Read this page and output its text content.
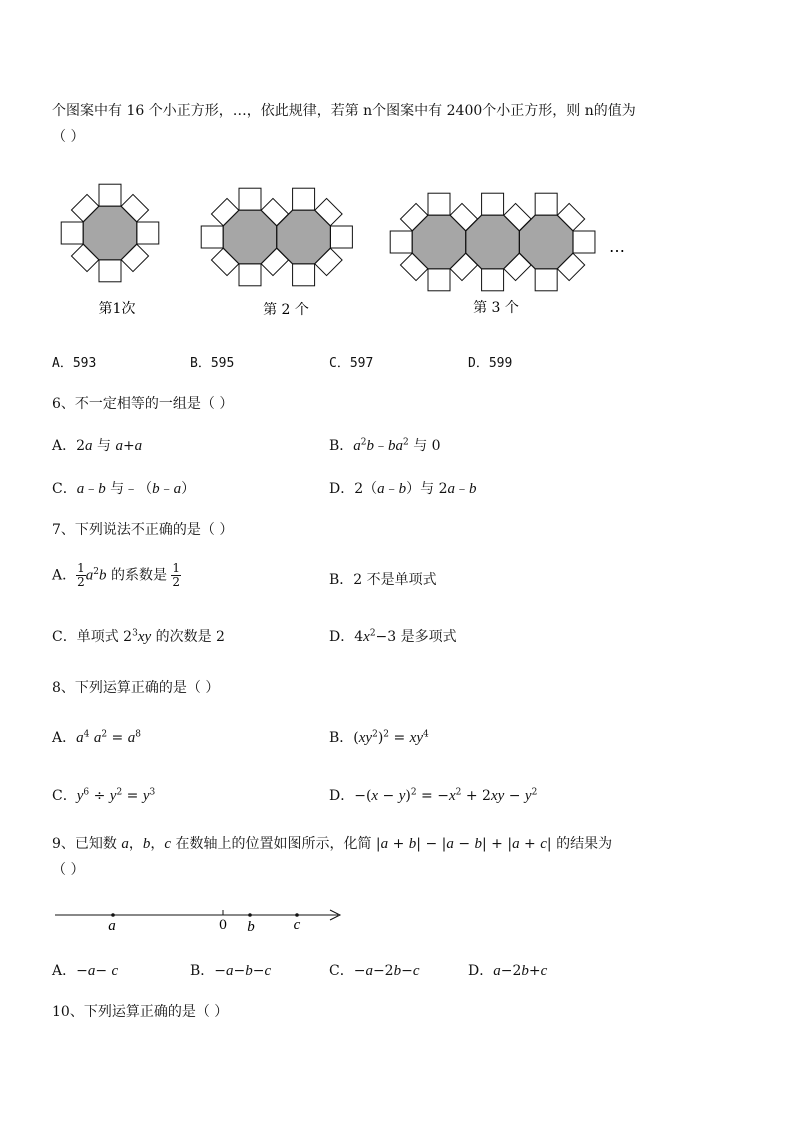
个图案中有 16 个小正方形，…，依此规律，若第 n个图案中有 2400个小正方形，则 n的值为
（ ）
第1次	第 2 个	第 3 个
…
A．593	B．595	C．597	D．599
6、不一定相等的一组是（ ）
A．2a 与 a+a	B．$a^2b﹣ba^2$ 与 0
C．a﹣b 与﹣（b﹣a）	D．2（a﹣b）与 2a﹣b
7、下列说法不正确的是（ ）
A． $\frac{1}{2} a^2b$ 的系数是 $\frac{1}{2}$	B．2 不是单项式
C．单项式 $2^3xy$ 的次数是 2	D．$4x^2-3$ 是多项式
8、下列运算正确的是（ ）
A．$a^4$ $a^2 = a^8$	B．$(xy^2)^2 = xy^4$
C．$y^6 \div y^2 = y^3$	D．$-(x - y)^2 = -x^2 + 2xy - y^2$
9、已知数 a，b，c 在数轴上的位置如图所示，化简 |a + b| − |a − b| + |a + c| 的结果为
（ ）
a	0 b	c
A．−a− c	B．−a−b−c	C．−a−2b−c	D．a−2b+c
10、下列运算正确的是（ ）
